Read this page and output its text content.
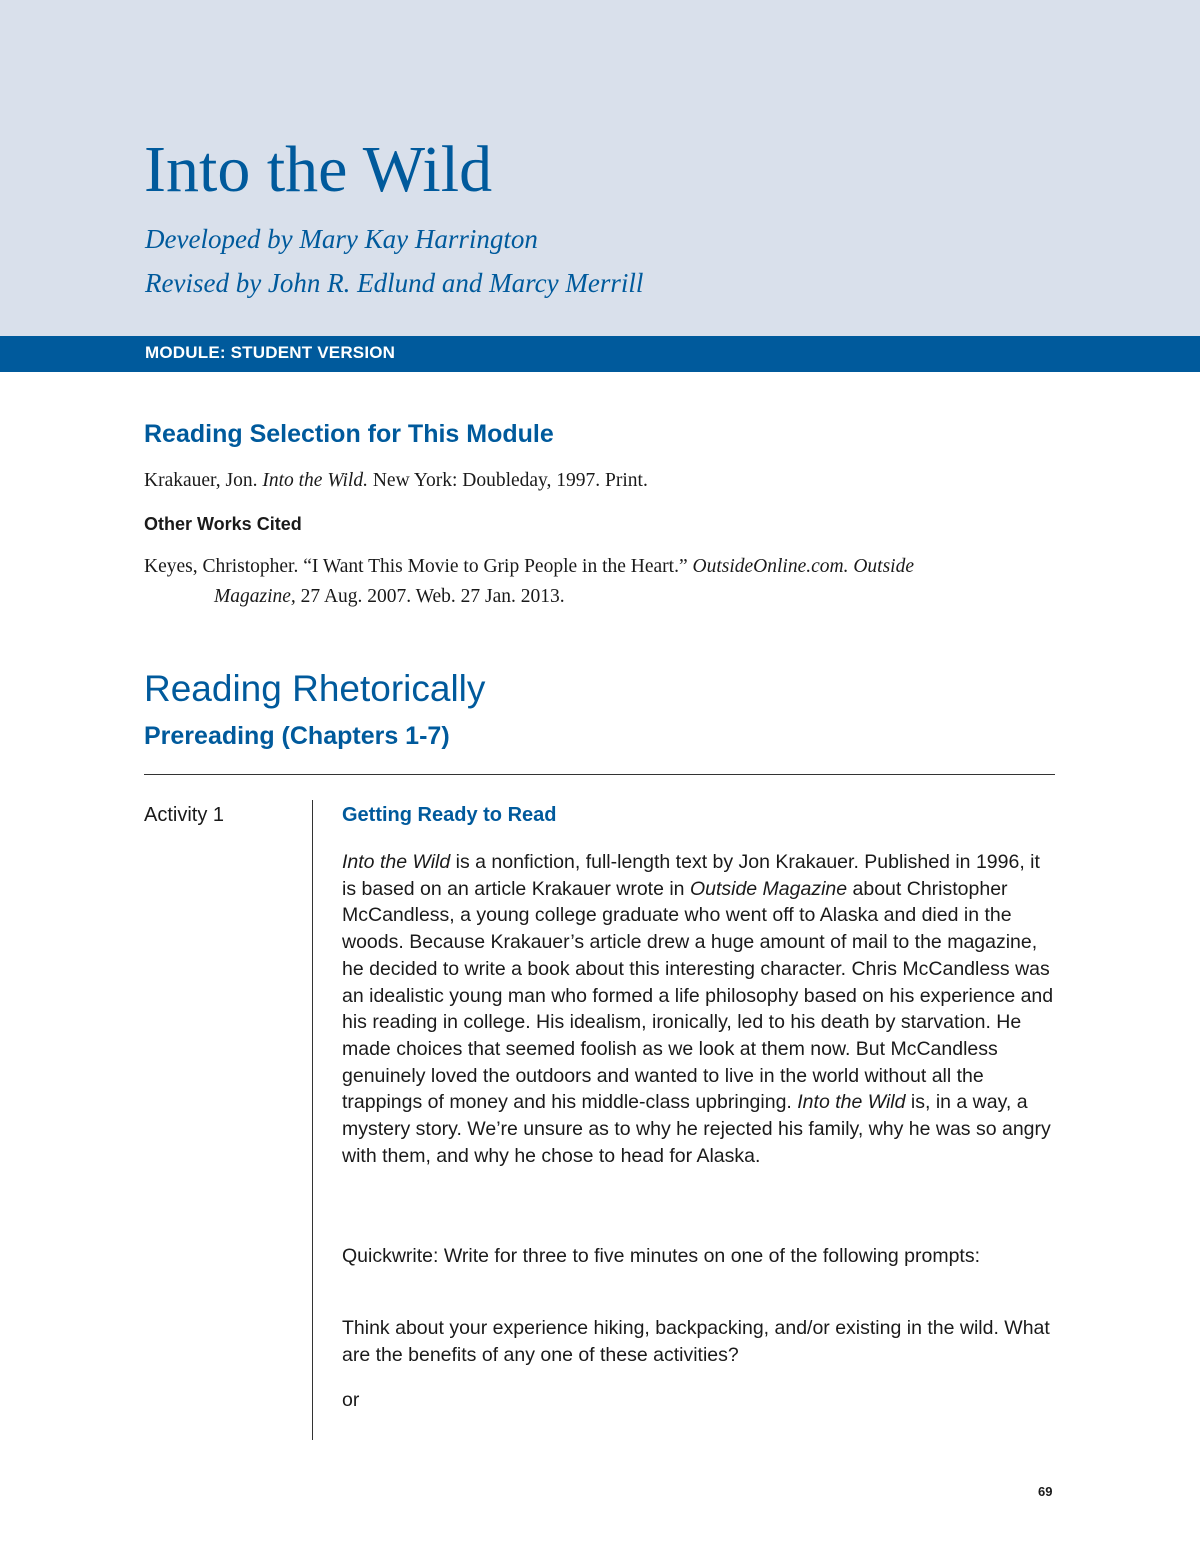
Into the Wild

Developed by Mary Kay Harrington

Revised by John R. Edlund and Marcy Merrill

MODULE: STUDENT VERSION
Reading Selection for This Module

Krakauer, Jon. Into the Wild. New York: Doubleday, 1997. Print.

Other Works Cited

Keyes, Christopher. “I Want This Movie to Grip People in the Heart.” OutsideOnline.com. Outside

Magazine, 27 Aug. 2007. Web. 27 Jan. 2013.

Reading Rhetorically
Prereading (Chapters 1-7)
Activity 1	Getting Ready to Read

Into the Wild is a nonfiction, full-length text by Jon Krakauer. Published in 1996, it is based on an article Krakauer wrote in Outside Magazine about Christopher McCandless, a young college graduate who went off to Alaska and died in the woods. Because Krakauer’s article drew a huge amount of mail to the magazine, he decided to write a book about this interesting character. Chris McCandless was an idealistic young man who formed a life philosophy based on his experience and his reading in college. His idealism, ironically, led to his death by starvation. He made choices that seemed foolish as we look at them now. But McCandless genuinely loved the outdoors and wanted to live in the world without all the trappings of money and his middle-class upbringing. Into the Wild is, in a way, a mystery story. We’re unsure as to why he rejected his family, why he was so angry with them, and why he chose to head for Alaska.

Quickwrite: Write for three to five minutes on one of the following prompts:

Think about your experience hiking, backpacking, and/or existing in the wild. What are the benefits of any one of these activities?

or

69
